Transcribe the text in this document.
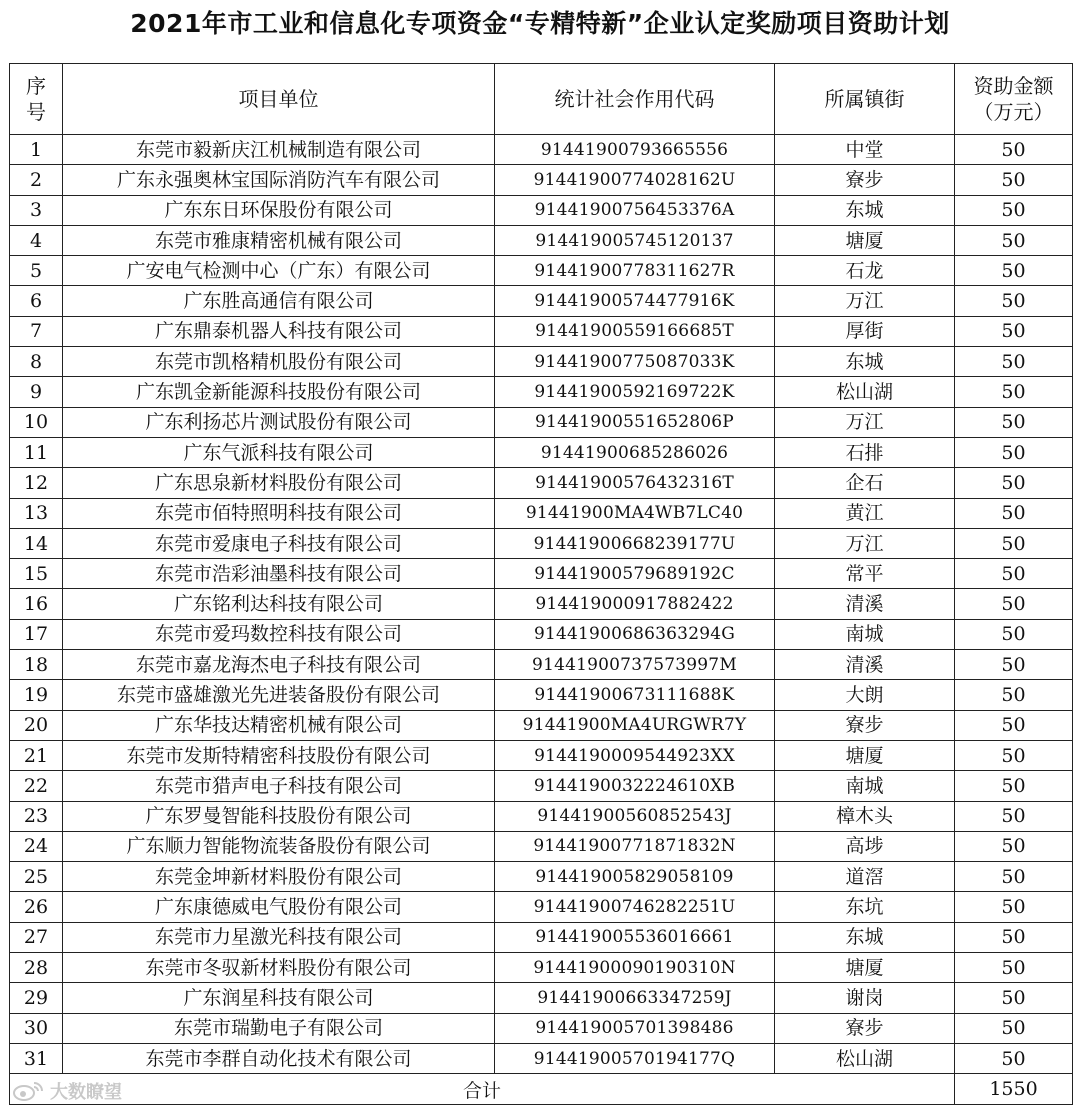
2021年市工业和信息化专项资金“专精特新”企业认定奖励项目资助计划
序
号	项目单位	统计社会作用代码	所属镇街	资助金额
（万元）

1	东莞市毅新庆江机械制造有限公司	91441900793665556	中堂	50
2	广东永强奥林宝国际消防汽车有限公司	91441900774028162U	寮步	50
3	广东东日环保股份有限公司	91441900756453376A	东城	50
4	东莞市雅康精密机械有限公司	914419005745120137	塘厦	50
5	广安电气检测中心（广东）有限公司	91441900778311627R	石龙	50
6	广东胜高通信有限公司	91441900574477916K	万江	50
7	广东鼎泰机器人科技有限公司	91441900559166685T	厚街	50
8	东莞市凯格精机股份有限公司	91441900775087033K	东城	50
9	广东凯金新能源科技股份有限公司	91441900592169722K	松山湖	50
10	广东利扬芯片测试股份有限公司	91441900551652806P	万江	50
11	广东气派科技有限公司	91441900685286026	石排	50
12	广东思泉新材料股份有限公司	91441900576432316T	企石	50
13	东莞市佰特照明科技有限公司	91441900MA4WB7LC40	黄江	50
14	东莞市爱康电子科技有限公司	91441900668239177U	万江	50
15	东莞市浩彩油墨科技有限公司	91441900579689192C	常平	50
16	广东铭利达科技有限公司	914419000917882422	清溪	50
17	东莞市爱玛数控科技有限公司	91441900686363294G	南城	50
18	东莞市嘉龙海杰电子科技有限公司	91441900737573997M	清溪	50
19	东莞市盛雄激光先进装备股份有限公司	91441900673111688K	大朗	50
20	广东华技达精密机械有限公司	91441900MA4URGWR7Y	寮步	50
21	东莞市发斯特精密科技股份有限公司	9144190009544923XX	塘厦	50
22	东莞市猎声电子科技有限公司	9144190032224610XB	南城	50
23	广东罗曼智能科技股份有限公司	91441900560852543J	樟木头	50
24	广东顺力智能物流装备股份有限公司	91441900771871832N	高埗	50
25	东莞金坤新材料股份有限公司	914419005829058109	道滘	50
26	广东康德威电气股份有限公司	91441900746282251U	东坑	50
27	东莞市力星激光科技有限公司	914419005536016661	东城	50
28	东莞市冬驭新材料股份有限公司	91441900090190310N	塘厦	50
29	广东润星科技有限公司	91441900663347259J	谢岗	50
30	东莞市瑞勤电子有限公司	914419005701398486	寮步	50
31	东莞市李群自动化技术有限公司	91441900570194177Q	松山湖	50
合计				1550
大数瞭望
